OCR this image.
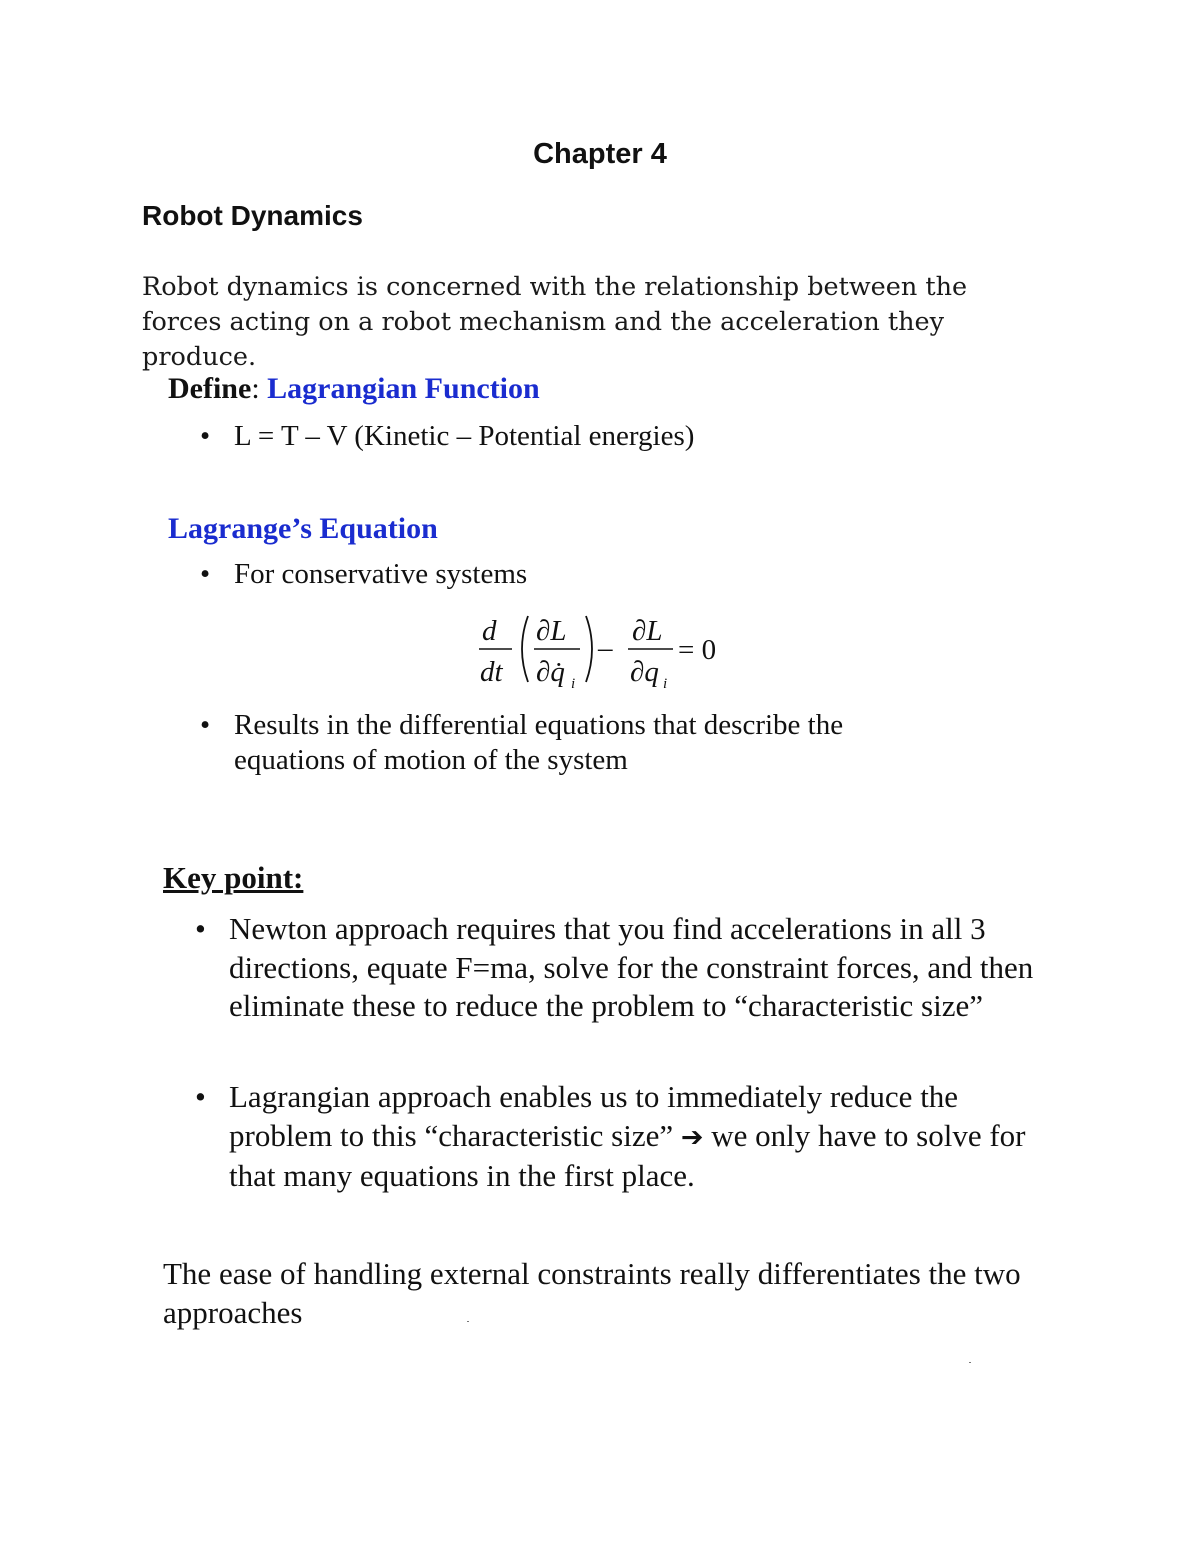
Chapter 4
Robot Dynamics
Robot dynamics is concerned with the relationship between the forces acting on a robot mechanism and the acceleration they produce.
Define: Lagrangian Function
• L = T – V (Kinetic – Potential energies)
Lagrange’s Equation
• For conservative systems
d
dt
∂L
∂q̇ i
–
∂L
∂q i
= 0
• Results in the differential equations that describe the equations of motion of the system
Key point:
• Newton approach requires that you find accelerations in all 3 directions, equate F=ma, solve for the constraint forces, and then eliminate these to reduce the problem to “characteristic size”
• Lagrangian approach enables us to immediately reduce the problem to this “characteristic size” ➔ we only have to solve for that many equations in the first place.
The ease of handling external constraints really differentiates the two approaches
